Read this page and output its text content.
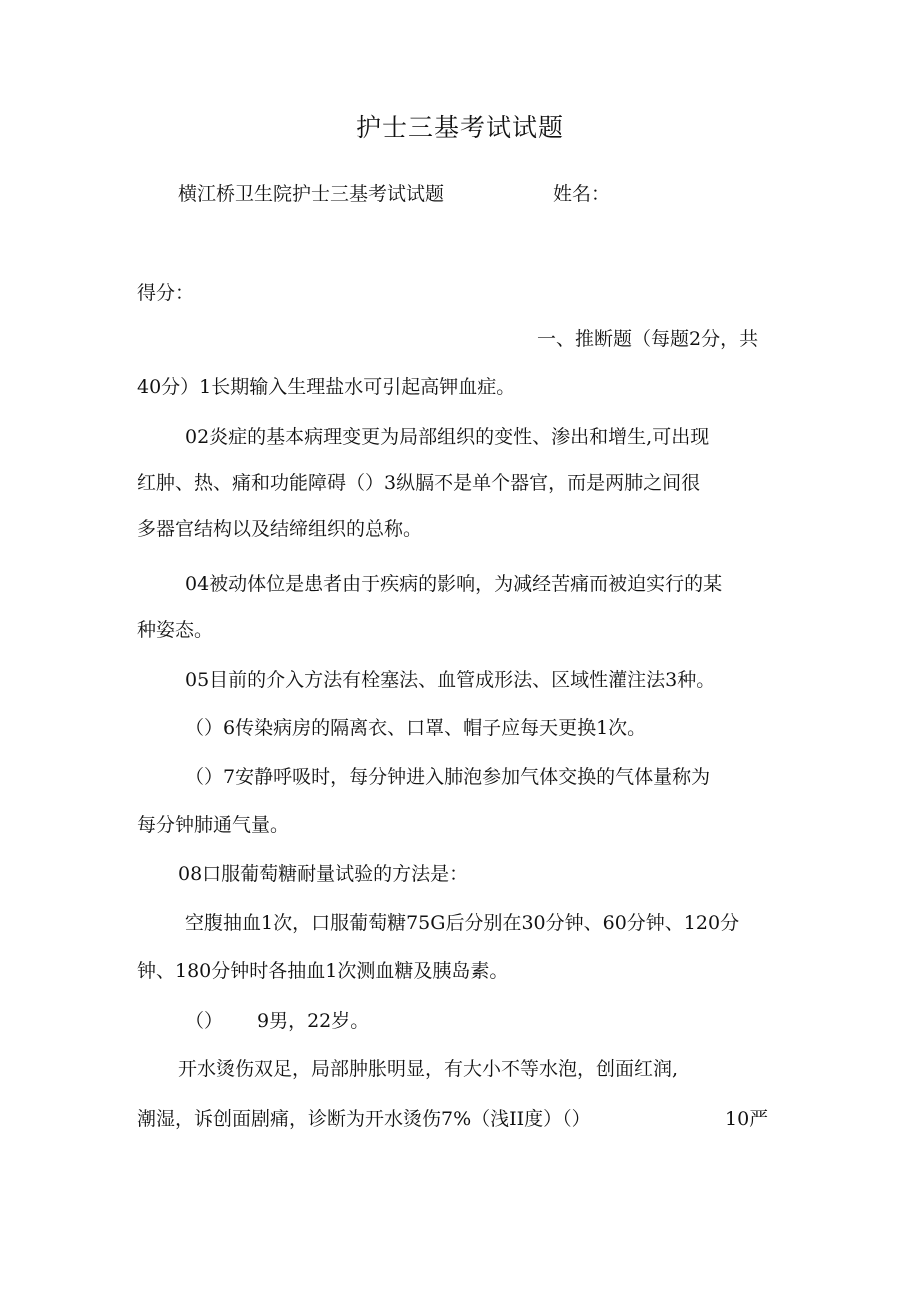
护士三基考试试题
横江桥卫生院护士三基考试试题	姓名：
得分：
一、推断题（每题2分，共
40分）1长期输入生理盐水可引起高钾血症。
02炎症的基本病理变更为局部组织的变性、渗出和增生,可出现
红肿、热、痛和功能障碍（）3纵膈不是单个器官，而是两肺之间很
多器官结构以及结缔组织的总称。
04被动体位是患者由于疾病的影响，为减经苦痛而被迫实行的某
种姿态。
05目前的介入方法有栓塞法、血管成形法、区域性灌注法3种。
（）6传染病房的隔离衣、口罩、帽子应每天更换1次。
（）7安静呼吸时，每分钟进入肺泡参加气体交换的气体量称为
每分钟肺通气量。
08口服葡萄糖耐量试验的方法是：
空腹抽血1次，口服葡萄糖75G后分别在30分钟、60分钟、120分
钟、180分钟时各抽血1次测血糖及胰岛素。
（） 9男，22岁。
开水烫伤双足，局部肿胀明显，有大小不等水泡，创面红润,
潮湿，诉创面剧痛，诊断为开水烫伤7%（浅II度）（）	10严
